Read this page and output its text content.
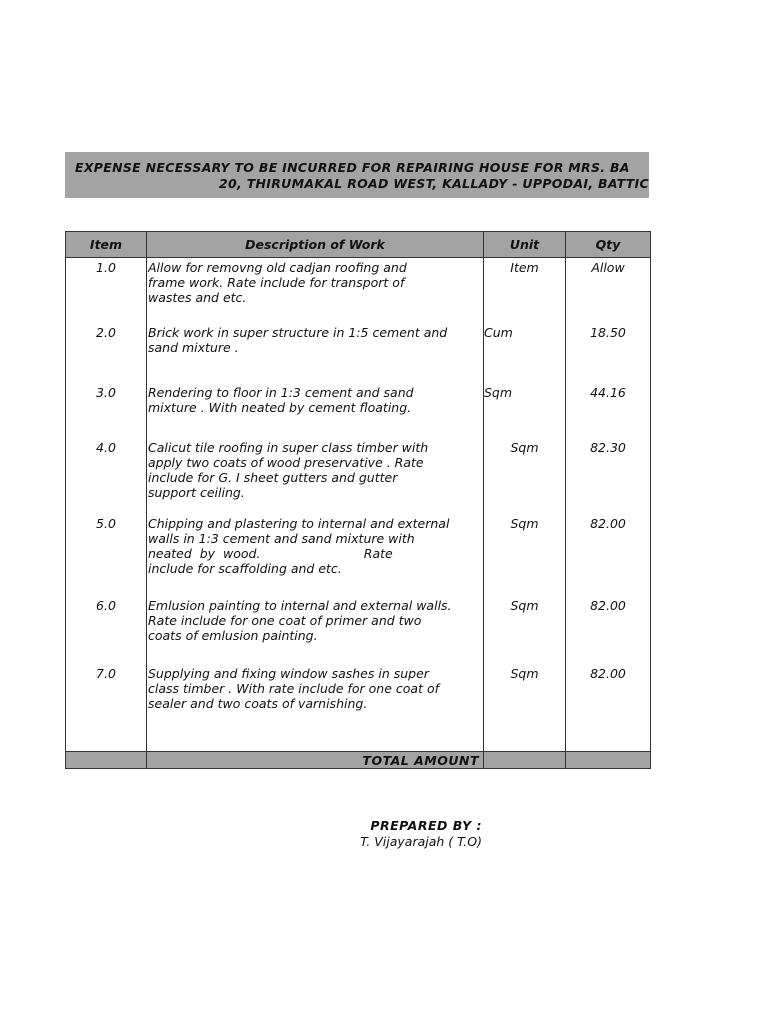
EXPENSE NECESSARY TO BE INCURRED FOR REPAIRING HOUSE FOR MRS. BA
20, THIRUMAKAL ROAD WEST, KALLADY - UPPODAI, BATTIC
Item	Description of Work	Unit	Qty
1.0	Allow for removng old cadjan roofing and
frame work. Rate include for transport of
wastes and etc.	Item	Allow
2.0	Brick work in super structure in 1:5 cement and
sand mixture .	Cum	18.50
3.0	Rendering to floor in 1:3 cement and sand
mixture . With neated by cement floating.	Sqm	44.16
4.0	Calicut tile roofing in super class timber with
apply two coats of wood preservative . Rate
include for G. I sheet gutters and gutter
support ceiling.	Sqm	82.30
5.0	Chipping and plastering to internal and external
walls in 1:3 cement and sand mixture with
neated  by  wood.                          Rate
include for scaffolding and etc.	Sqm	82.00
6.0	Emlusion painting to internal and external walls.
Rate include for one coat of primer and two
coats of emlusion painting.	Sqm	82.00
7.0	Supplying and fixing window sashes in super
class timber . With rate include for one coat of
sealer and two coats of varnishing.	Sqm	82.00
	TOTAL AMOUNT		
PREPARED BY :
T. Vijayarajah ( T.O)
